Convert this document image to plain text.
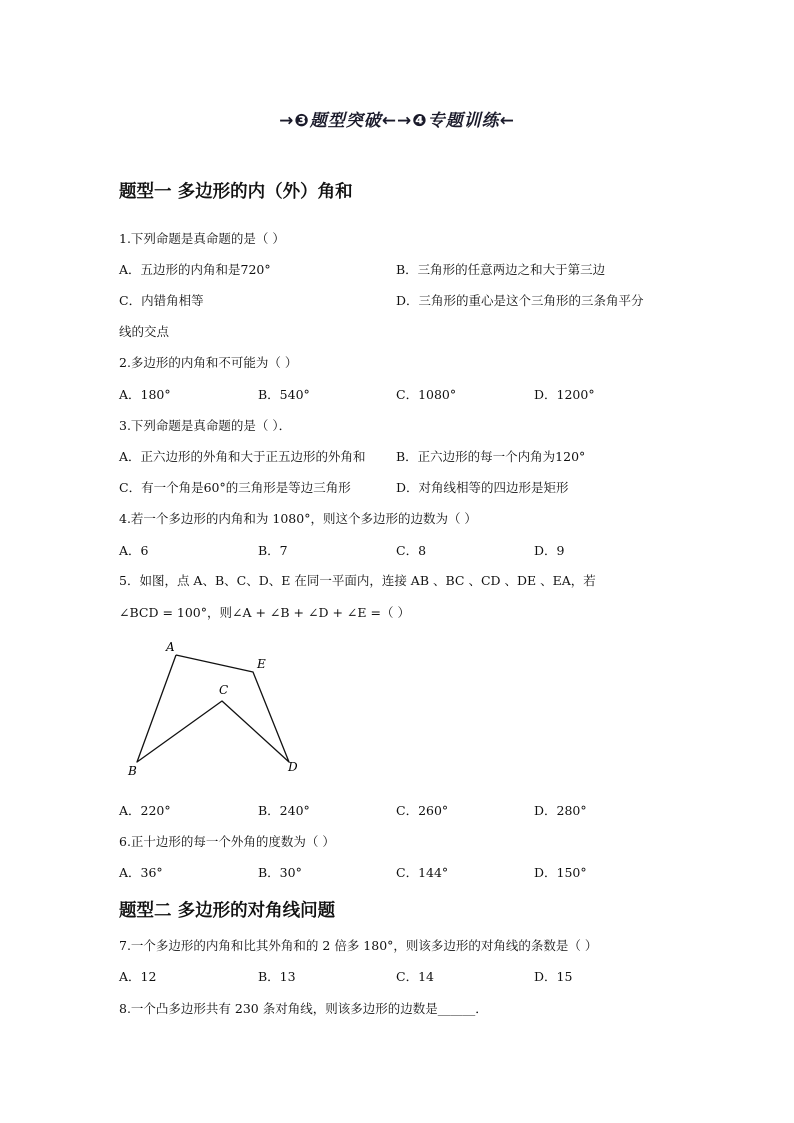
→❸题型突破←→❹专题训练←
题型一 多边形的内（外）角和
1.下列命题是真命题的是（ ）
A．五边形的内角和是720°	B．三角形的任意两边之和大于第三边
C．内错角相等	D．三角形的重心是这个三角形的三条角平分
线的交点
2.多边形的内角和不可能为（ ）
A．180°	B．540°	C．1080°	D．1200°
3.下列命题是真命题的是（ ）．
A．正六边形的外角和大于正五边形的外角和 B．正六边形的每一个内角为120°
C．有一个角是60°的三角形是等边三角形	D．对角线相等的四边形是矩形
4.若一个多边形的内角和为 1080°，则这个多边形的边数为（ ）
A．6	B．7	C．8	D．9
5．如图，点 A、B、C、D、E 在同一平面内，连接 AB 、BC 、CD 、DE 、EA，若
∠BCD = 100°，则∠A + ∠B + ∠D + ∠E =（ ）
A
B
C
D
E
A．220°	B．240°	C．260°	D．280°
6.正十边形的每一个外角的度数为（ ）
A．36°	B．30°	C．144°	D．150°
题型二 多边形的对角线问题
7.一个多边形的内角和比其外角和的 2 倍多 180°，则该多边形的对角线的条数是（ ）
A．12	B．13	C．14	D．15
8.一个凸多边形共有 230 条对角线，则该多边形的边数是______．
